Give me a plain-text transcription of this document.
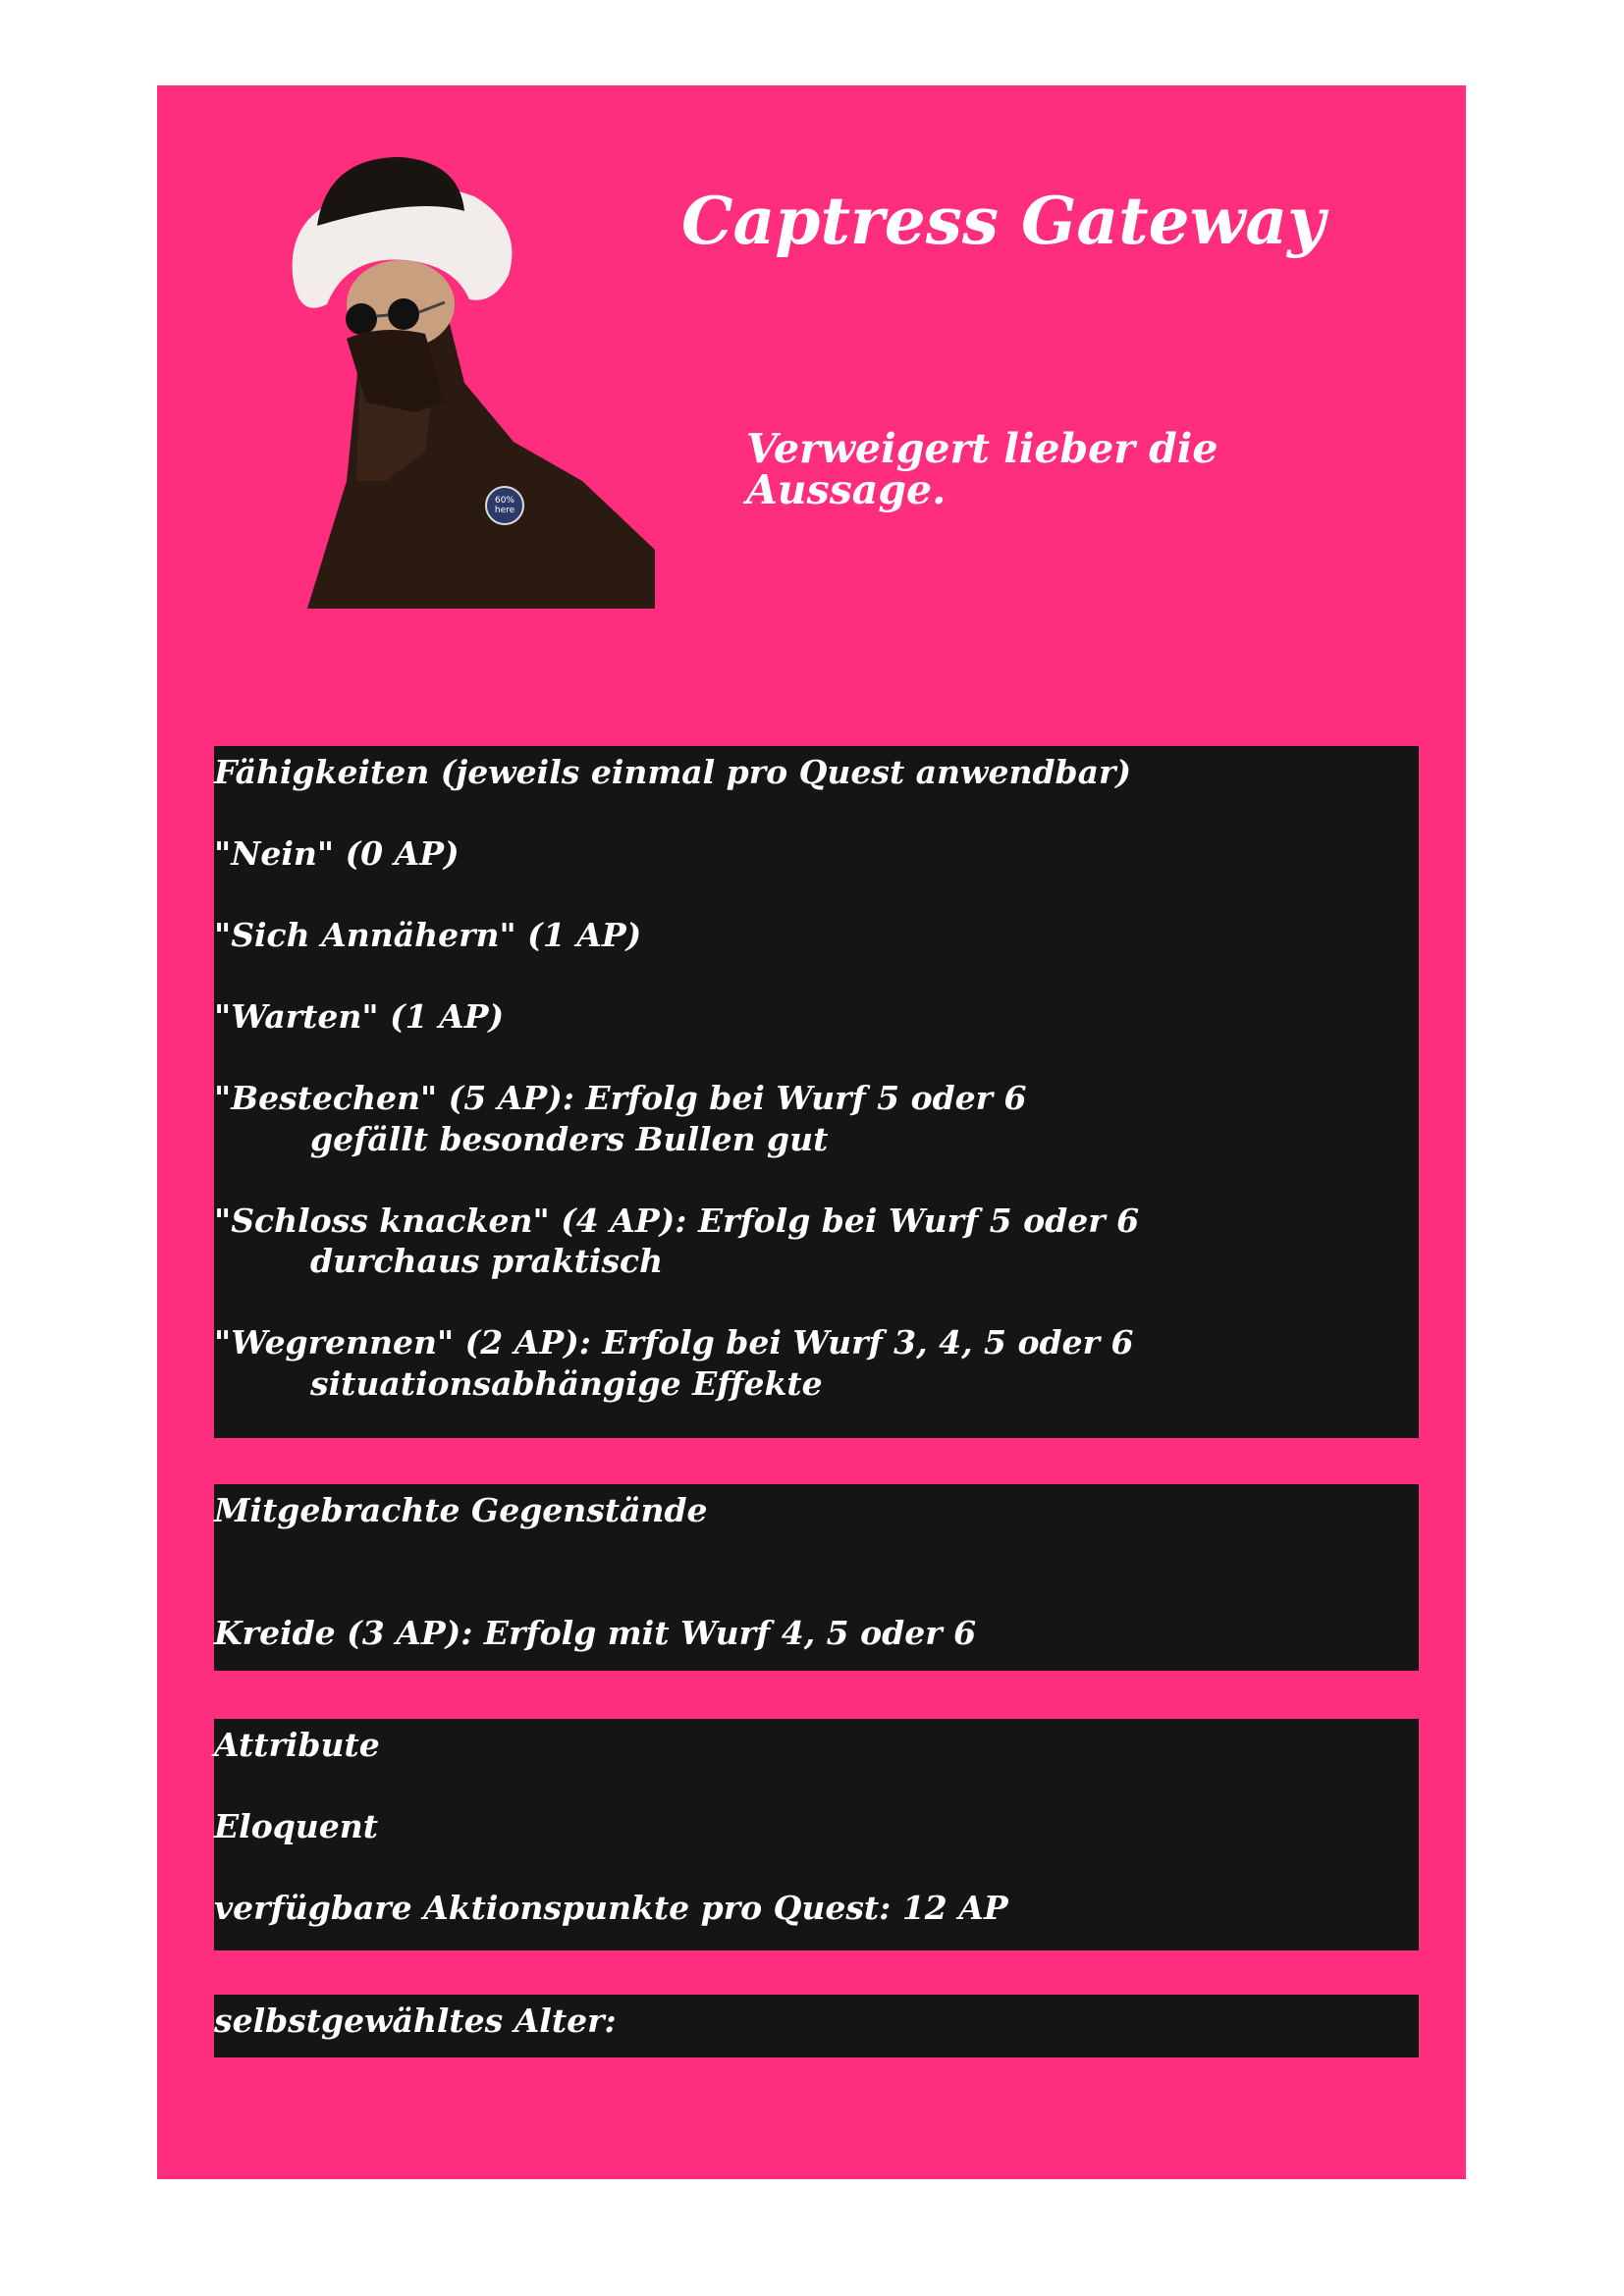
60% here
Captress Gateway
Verweigert lieber die Aussage.
Fähigkeiten (jeweils einmal pro Quest anwendbar)
"Nein" (0 AP)
"Sich Annähern" (1 AP)
"Warten" (1 AP)
"Bestechen" (5 AP): Erfolg bei Wurf 5 oder 6
gefällt besonders Bullen gut
"Schloss knacken" (4 AP): Erfolg bei Wurf 5 oder 6
durchaus praktisch
"Wegrennen" (2 AP): Erfolg bei Wurf 3, 4, 5 oder 6
situationsabhängige Effekte
Mitgebrachte Gegenstände
Kreide (3 AP): Erfolg mit Wurf 4, 5 oder 6
Attribute
Eloquent
verfügbare Aktionspunkte pro Quest: 12 AP
selbstgewähltes Alter:
